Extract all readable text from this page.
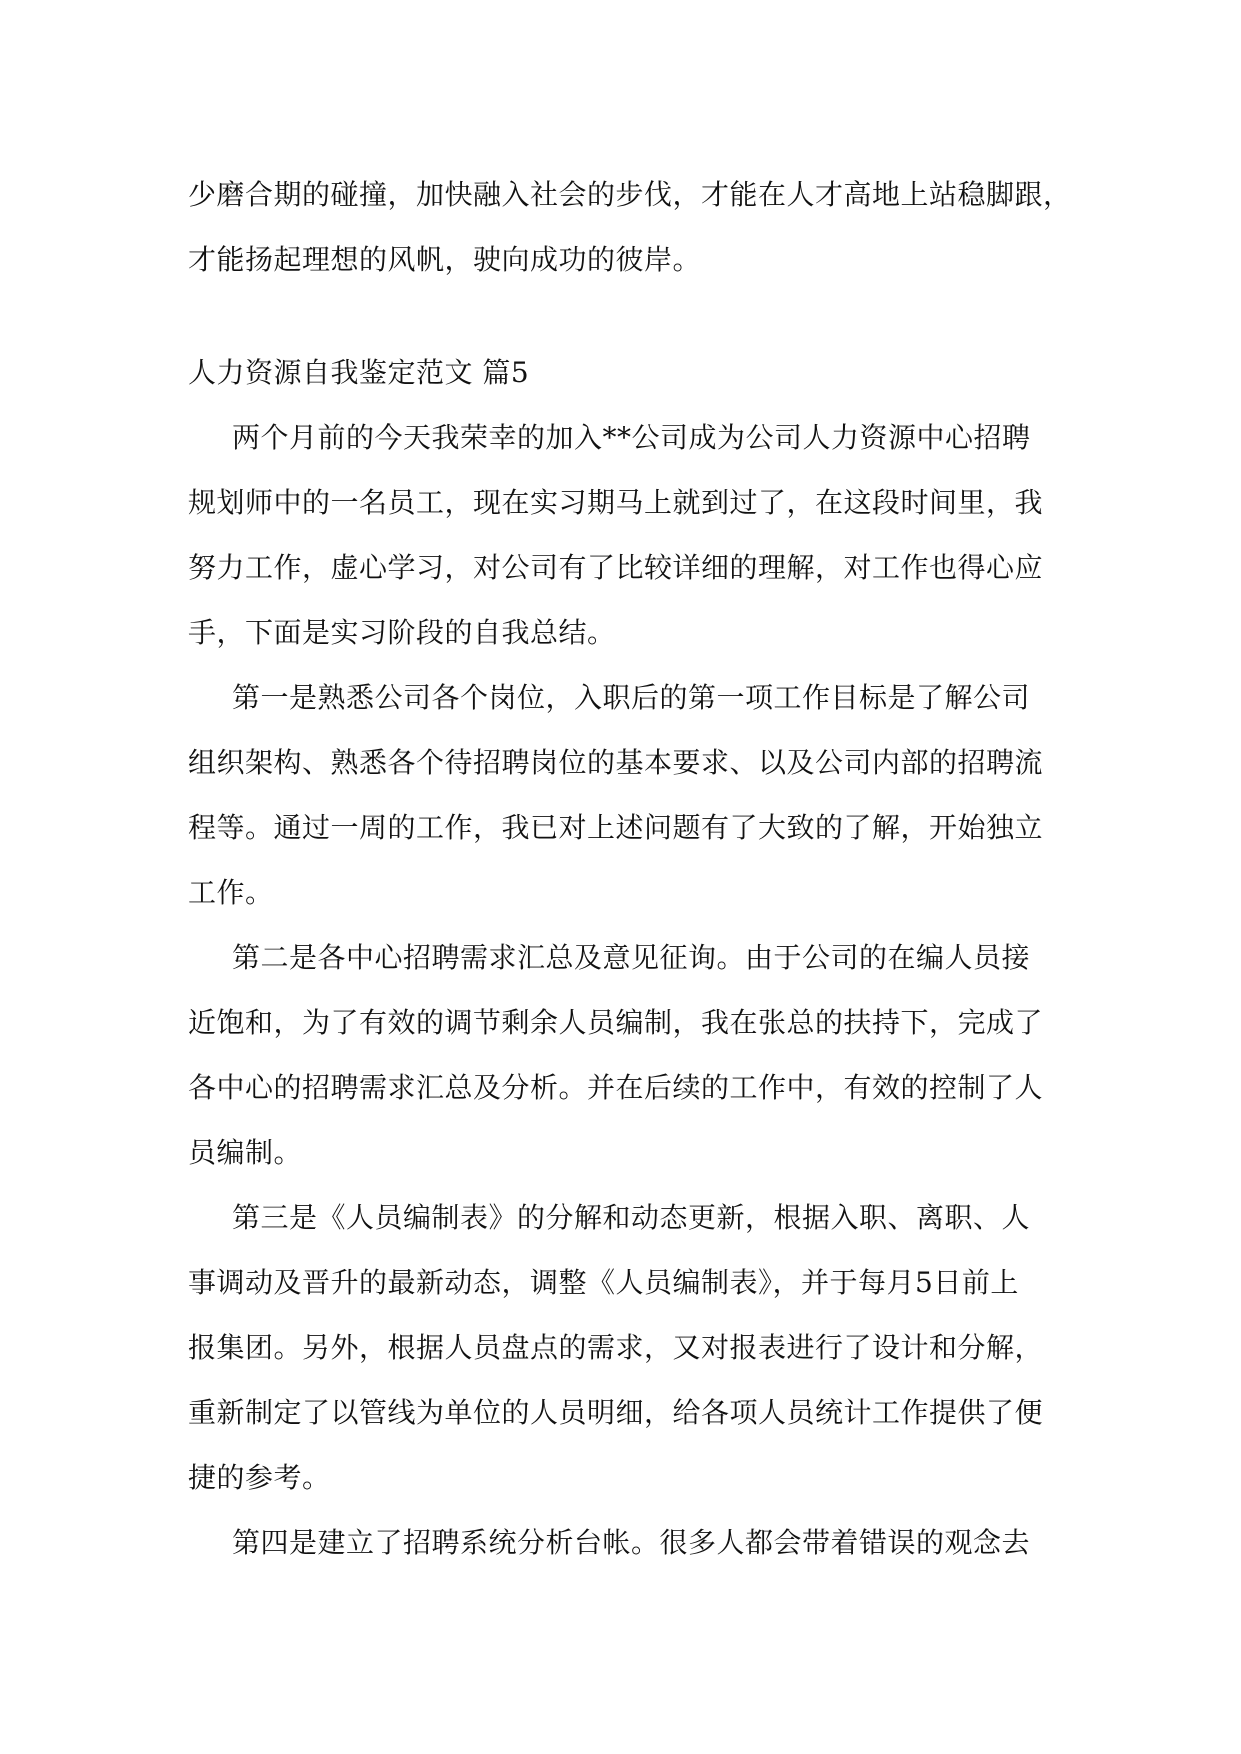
少磨合期的碰撞，加快融入社会的步伐，才能在人才高地上站稳脚跟，
才能扬起理想的风帆，驶向成功的彼岸。
人力资源自我鉴定范文 篇5
两个月前的今天我荣幸的加入**公司成为公司人力资源中心招聘
规划师中的一名员工，现在实习期马上就到过了，在这段时间里，我
努力工作，虚心学习，对公司有了比较详细的理解，对工作也得心应
手，下面是实习阶段的自我总结。
第一是熟悉公司各个岗位，入职后的第一项工作目标是了解公司
组织架构、熟悉各个待招聘岗位的基本要求、以及公司内部的招聘流
程等。通过一周的工作，我已对上述问题有了大致的了解，开始独立
工作。
第二是各中心招聘需求汇总及意见征询。由于公司的在编人员接
近饱和，为了有效的调节剩余人员编制，我在张总的扶持下，完成了
各中心的招聘需求汇总及分析。并在后续的工作中，有效的控制了人
员编制。
第三是《人员编制表》的分解和动态更新，根据入职、离职、人
事调动及晋升的最新动态，调整《人员编制表》，并于每月5日前上
报集团。另外，根据人员盘点的需求，又对报表进行了设计和分解，
重新制定了以管线为单位的人员明细，给各项人员统计工作提供了便
捷的参考。
第四是建立了招聘系统分析台帐。很多人都会带着错误的观念去
